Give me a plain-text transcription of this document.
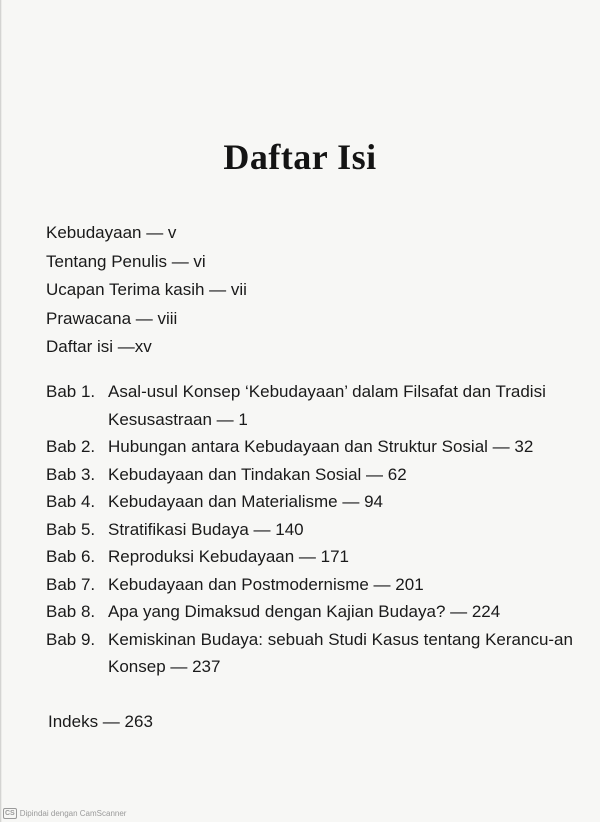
Daftar Isi
Kebudayaan — v
Tentang Penulis — vi
Ucapan Terima kasih — vii
Prawacana — viii
Daftar isi —xv
Bab 1. Asal-usul Konsep ‘Kebudayaan’ dalam Filsafat dan Tradisi Kesusastraan — 1
Bab 2. Hubungan antara Kebudayaan dan Struktur Sosial — 32
Bab 3. Kebudayaan dan Tindakan Sosial — 62
Bab 4. Kebudayaan dan Materialisme — 94
Bab 5. Stratifikasi Budaya — 140
Bab 6. Reproduksi Kebudayaan — 171
Bab 7. Kebudayaan dan Postmodernisme — 201
Bab 8. Apa yang Dimaksud dengan Kajian Budaya? — 224
Bab 9. Kemiskinan Budaya: sebuah Studi Kasus tentang Kerancu-an Konsep — 237
Indeks — 263
CS Dipindai dengan CamScanner
